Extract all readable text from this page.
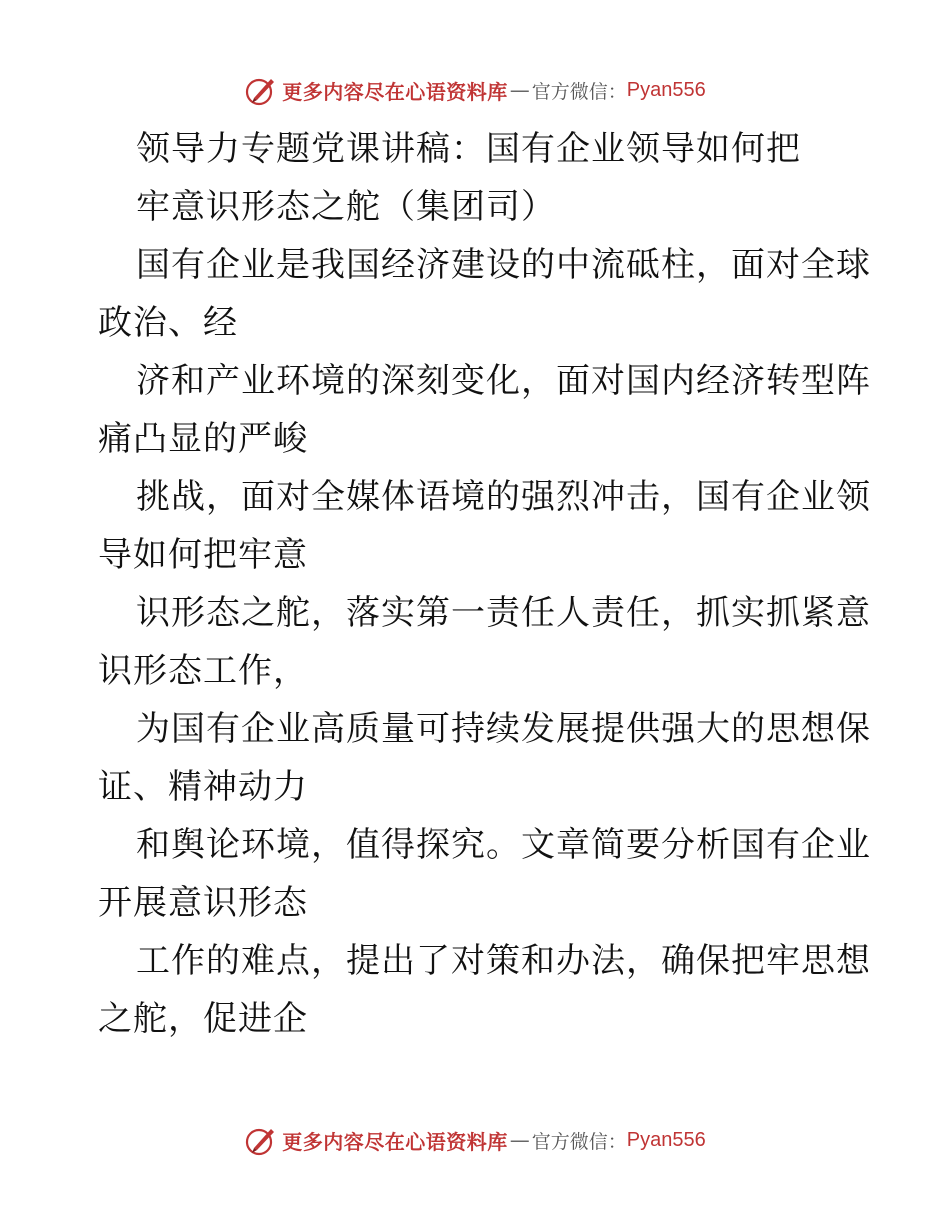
更多内容尽在心语资料库 — 官方微信： Pyan556
领导力专题党课讲稿：国有企业领导如何把
牢意识形态之舵（集团司）
国有企业是我国经济建设的中流砥柱，面对全球
政治、经
济和产业环境的深刻变化，面对国内经济转型阵
痛凸显的严峻
挑战，面对全媒体语境的强烈冲击，国有企业领
导如何把牢意
识形态之舵，落实第一责任人责任，抓实抓紧意
识形态工作，
为国有企业高质量可持续发展提供强大的思想保
证、精神动力
和舆论环境，值得探究。文章简要分析国有企业
开展意识形态
工作的难点，提出了对策和办法，确保把牢思想
之舵，促进企
更多内容尽在心语资料库 — 官方微信： Pyan556
